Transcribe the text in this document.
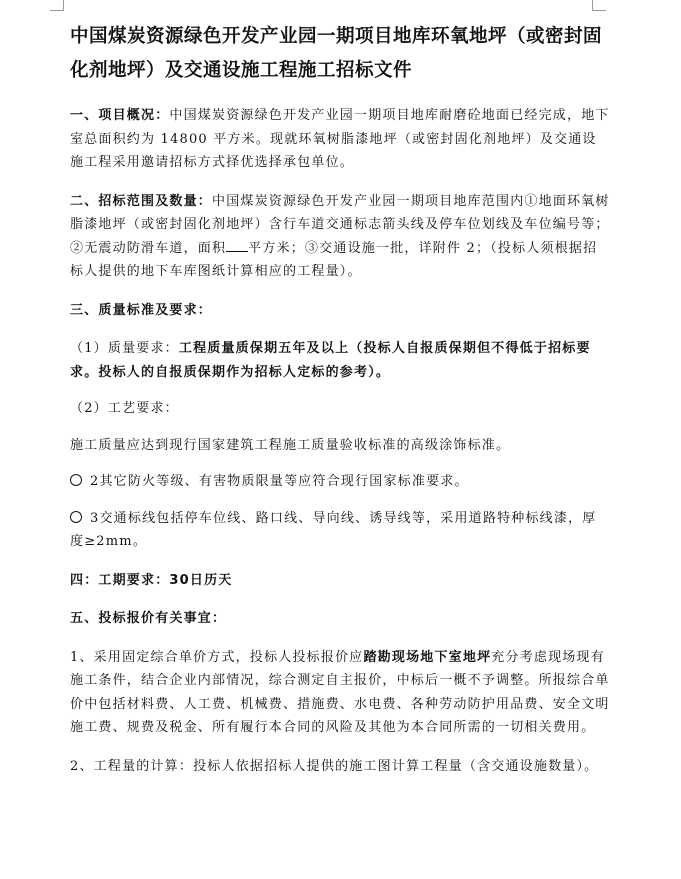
中国煤炭资源绿色开发产业园一期项目地库环氧地坪（或密封固化剂地坪）及交通设施工程施工招标文件

一、项目概况：中国煤炭资源绿色开发产业园一期项目地库耐磨砼地面已经完成，地下室总面积约为 14800 平方米。现就环氧树脂漆地坪（或密封固化剂地坪）及交通设施工程采用邀请招标方式择优选择承包单位。

二、招标范围及数量：中国煤炭资源绿色开发产业园一期项目地库范围内①地面环氧树脂漆地坪（或密封固化剂地坪）含行车道交通标志箭头线及停车位划线及车位编号等；②无震动防滑车道，面积 平方米；③交通设施一批，详附件 2；（投标人须根据招标人提供的地下车库图纸计算相应的工程量）。

三、质量标准及要求：

（1）质量要求：工程质量质保期五年及以上（投标人自报质保期但不得低于招标要求。投标人的自报质保期作为招标人定标的参考）。

（2）工艺要求：

施工质量应达到现行国家建筑工程施工质量验收标准的高级涂饰标准。

2其它防火等级、有害物质限量等应符合现行国家标准要求。

3交通标线包括停车位线、路口线、导向线、诱导线等，采用道路特种标线漆，厚度≥2mm。

四：工期要求：30日历天

五、投标报价有关事宜：

1、采用固定综合单价方式，投标人投标报价应踏勘现场地下室地坪充分考虑现场现有施工条件，结合企业内部情况，综合测定自主报价，中标后一概不予调整。所报综合单价中包括材料费、人工费、机械费、措施费、水电费、各种劳动防护用品费、安全文明施工费、规费及税金、所有履行本合同的风险及其他为本合同所需的一切相关费用。

2、工程量的计算：投标人依据招标人提供的施工图计算工程量（含交通设施数量）。
